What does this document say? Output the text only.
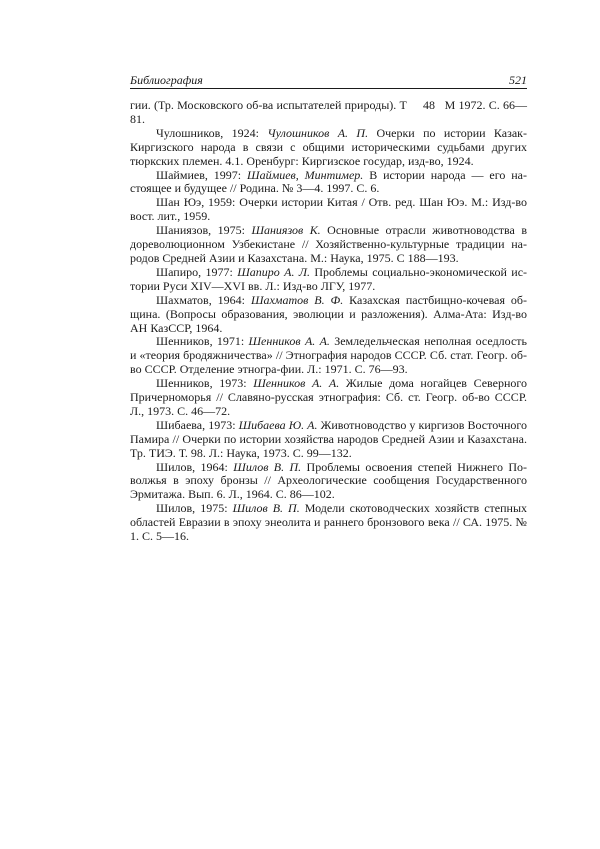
Библиография	521

гии. (Тр. Московского об-ва испытателей природы). Т     48   М 1972. С. 66—81.

Чулошников, 1924: Чулошников А. П. Очерки по истории Казак-Киргизского народа в связи с общими историческими судьбами других тюркских племен. 4.1. Оренбург: Киргизское государ, изд-во, 1924.

Шаймиев, 1997: Шаймиев, Минтимер. В истории народа — его настоящее и будущее // Родина. № 3—4. 1997. С. 6.

Шан Юэ, 1959: Очерки истории Китая / Отв. ред. Шан Юэ. М.: Изд-во вост. лит., 1959.

Шаниязов, 1975: Шаниязов К. Основные отрасли животноводства в дореволюционном Узбекистане // Хозяйственно-культурные традиции народов Средней Азии и Казахстана. М.: Наука, 1975. С 188—193.

Шапиро, 1977: Шапиро А. Л. Проблемы социально-экономической истории Руси XIV—XVI вв. Л.: Изд-во ЛГУ, 1977.

Шахматов, 1964: Шахматов В. Ф. Казахская пастбищно-кочевая община. (Вопросы образования, эволюции и разложения). Алма-Ата: Изд-во АН КазССР, 1964.

Шенников, 1971: Шенников А. А. Земледельческая неполная оседлость и «теория бродяжничества» // Этнография народов СССР. Сб. стат. Геогр. об-во СССР. Отделение этногра-фии. Л.: 1971. С. 76—93.

Шенников, 1973: Шенников А. А. Жилые дома ногайцев Северного Причерноморья // Славяно-русская этнография: Сб. ст. Геогр. об-во СССР. Л., 1973. С. 46—72.

Шибаева, 1973: Шибаева Ю. А. Животноводство у киргизов Восточного Памира // Очерки по истории хозяйства народов Средней Азии и Казахстана. Тр. ТИЭ. Т. 98. Л.: Наука, 1973. С. 99—132.

Шилов, 1964: Шилов В. П. Проблемы освоения степей Нижнего Поволжья в эпоху бронзы // Археологические сообщения Государственного Эрмитажа. Вып. 6. Л., 1964. С. 86—102.

Шилов, 1975: Шилов В. П. Модели скотоводческих хозяйств степных областей Евразии в эпоху энеолита и раннего бронзового века // СА. 1975. № 1. С. 5—16.
